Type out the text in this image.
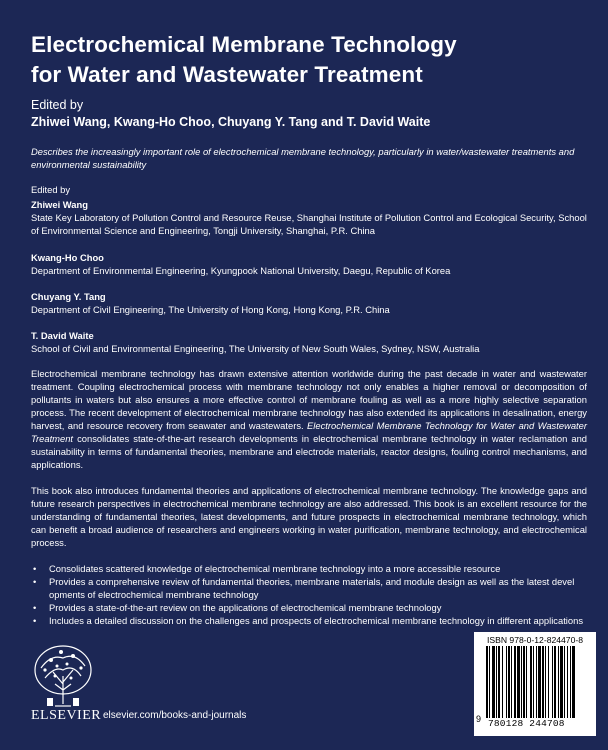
Electrochemical Membrane Technology
for Water and Wastewater Treatment
Edited by
Zhiwei Wang, Kwang-Ho Choo, Chuyang Y. Tang and T. David Waite
Describes the increasingly important role of electrochemical membrane technology, particularly in water/wastewater treatments and environmental sustainability
Edited by
Zhiwei Wang
State Key Laboratory of Pollution Control and Resource Reuse, Shanghai Institute of Pollution Control and Ecological Security, School of Environmental Science and Engineering, Tongji University, Shanghai, P.R. China
Kwang-Ho Choo
Department of Environmental Engineering, Kyungpook National University, Daegu, Republic of Korea
Chuyang Y. Tang
Department of Civil Engineering, The University of Hong Kong, Hong Kong, P.R. China
T. David Waite
School of Civil and Environmental Engineering, The University of New South Wales, Sydney, NSW, Australia

Electrochemical membrane technology has drawn extensive attention worldwide during the past decade in water and wastewater treatment. Coupling electrochemical process with membrane technology not only enables a higher removal or decomposition of pollutants in waters but also ensures a more effective control of membrane fouling as well as a more highly selective separation process. The recent development of electrochemical membrane technology has also extended its applications in desalination, energy harvest, and resource recovery from seawater and wastewaters. Electrochemical Membrane Technology for Water and Wastewater Treatment consolidates state-of-the-art research developments in electrochemical membrane technology in water reclamation and sustainability in terms of fundamental theories, membrane and electrode materials, reactor designs, fouling control mechanisms, and applications.

This book also introduces fundamental theories and applications of electrochemical membrane technology. The knowledge gaps and future research perspectives in electrochemical membrane technology are also addressed. This book is an excellent resource for the understanding of fundamental theories, latest developments, and future prospects in electrochemical membrane technology, which can benefit a broad audience of researchers and engineers working in water purification, membrane technology, and electrochemical process.

• Consolidates scattered knowledge of electrochemical membrane technology into a more accessible resource
• Provides a comprehensive review of fundamental theories, membrane materials, and module design as well as the latest devel opments of electrochemical membrane technology
• Provides a state-of-the-art review on the applications of electrochemical membrane technology
• Includes a detailed discussion on the challenges and prospects of electrochemical membrane technology in different applications
ELSEVIER elsevier.com/books-and-journals
ISBN 978-0-12-824470-8
9 780128 244708
